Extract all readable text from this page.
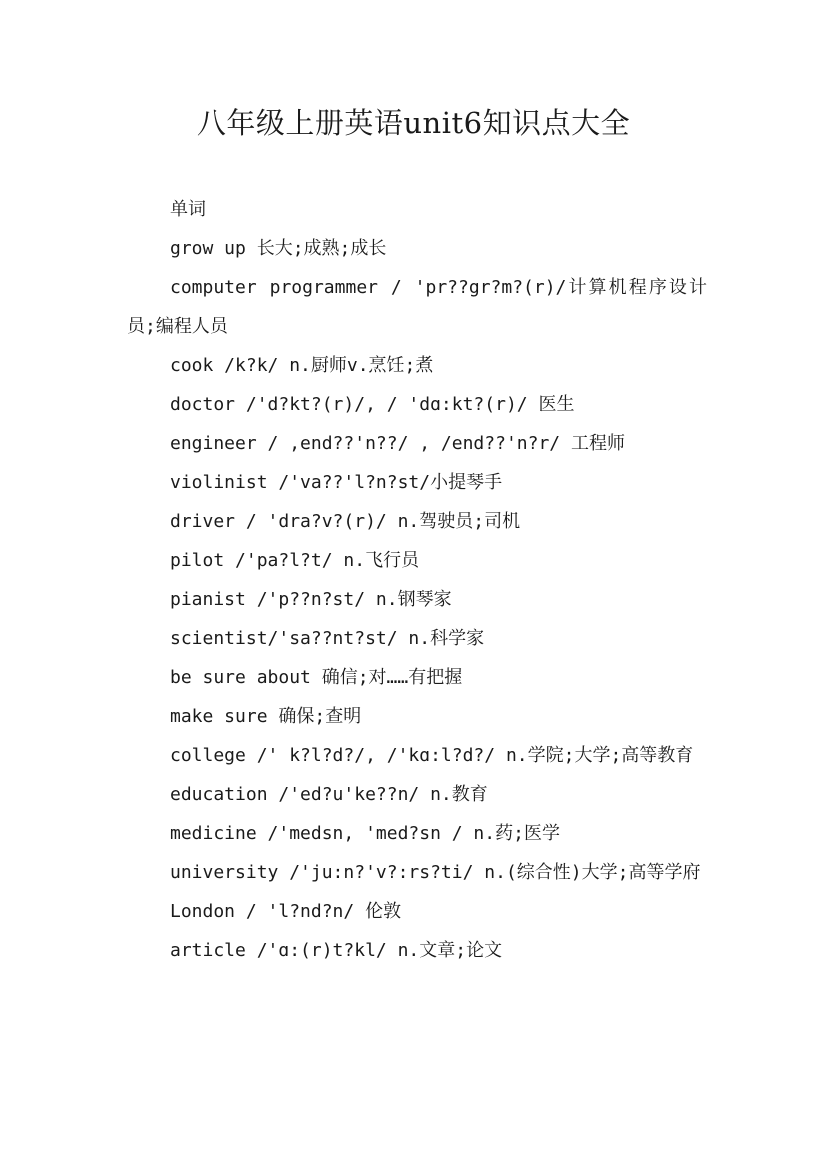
八年级上册英语unit6知识点大全

单词

grow up 长大;成熟;成长

computer programmer / 'pr??gr?m?(r)/计算机程序设计员;编程人员

cook /k?k/ n.厨师v.烹饪;煮

doctor /'d?kt?(r)/, / 'dɑ:kt?(r)/ 医生

engineer / ,end??'n??/ , /end??'n?r/ 工程师

violinist /'va??'l?n?st/小提琴手

driver / 'dra?v?(r)/ n.驾驶员;司机

pilot /'pa?l?t/ n.飞行员

pianist /'p??n?st/ n.钢琴家

scientist/'sa??nt?st/ n.科学家

be sure about 确信;对……有把握

make sure 确保;查明

college /' k?l?d?/, /'kɑ:l?d?/ n.学院;大学;高等教育

education /'ed?u'ke??n/ n.教育

medicine /'medsn, 'med?sn / n.药;医学

university /'ju:n?'v?:rs?ti/ n.(综合性)大学;高等学府

London / 'l?nd?n/ 伦敦

article /'ɑ:(r)t?kl/ n.文章;论文
